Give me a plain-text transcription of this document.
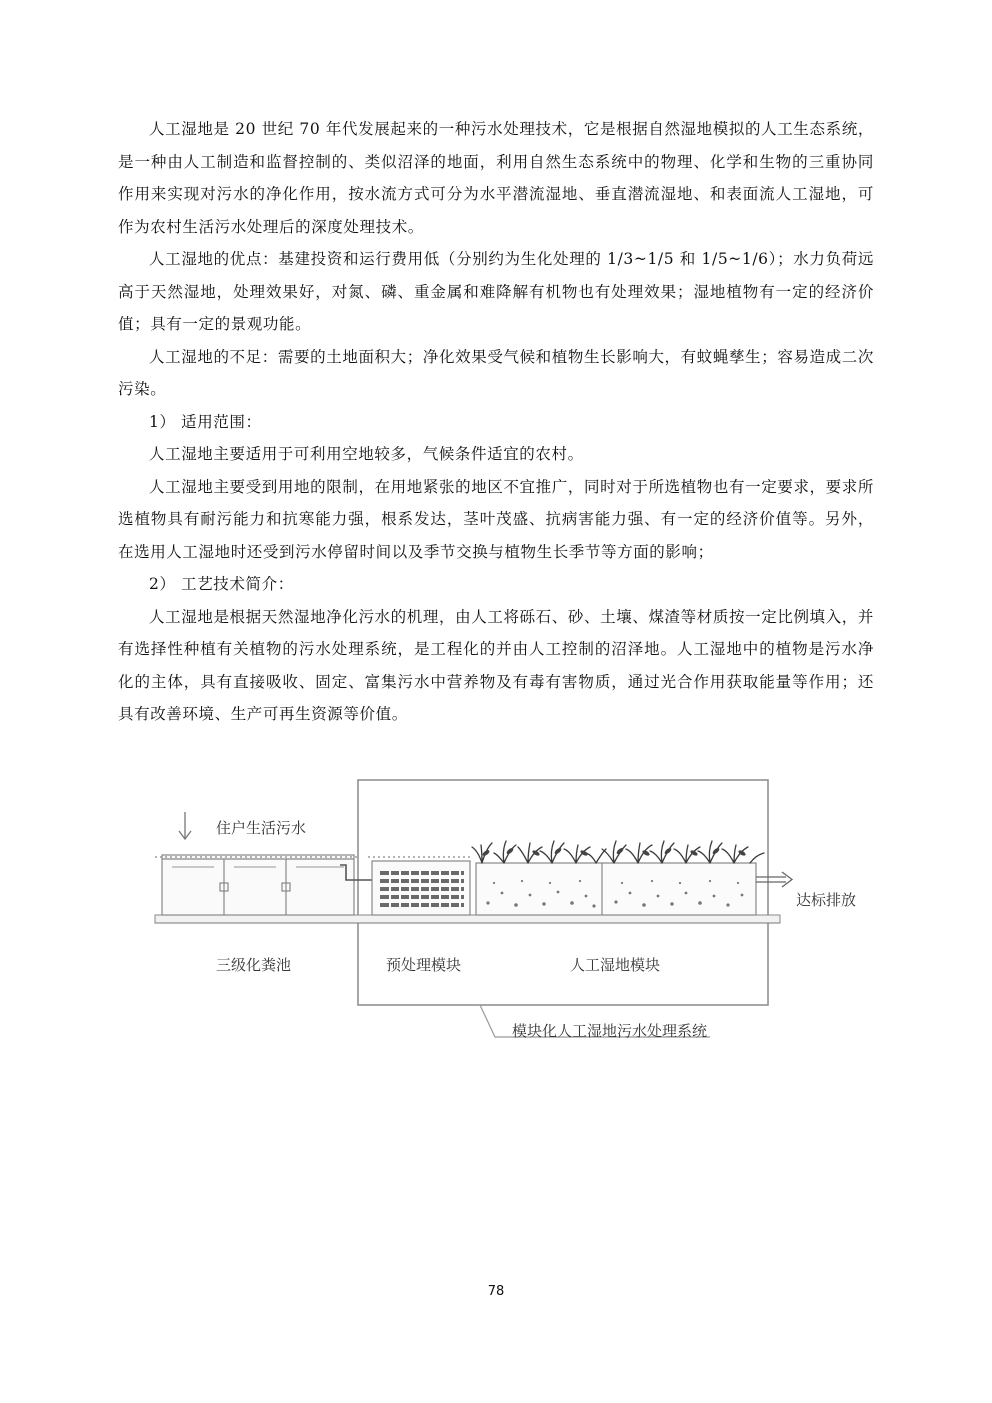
人工湿地是 20 世纪 70 年代发展起来的一种污水处理技术，它是根据自然湿地模拟的人工生态系统，是一种由人工制造和监督控制的、类似沼泽的地面，利用自然生态系统中的物理、化学和生物的三重协同作用来实现对污水的净化作用，按水流方式可分为水平潜流湿地、垂直潜流湿地、和表面流人工湿地，可作为农村生活污水处理后的深度处理技术。

人工湿地的优点：基建投资和运行费用低（分别约为生化处理的 1/3~1/5 和 1/5~1/6）；水力负荷远高于天然湿地，处理效果好，对氮、磷、重金属和难降解有机物也有处理效果；湿地植物有一定的经济价值；具有一定的景观功能。

人工湿地的不足：需要的土地面积大；净化效果受气候和植物生长影响大，有蚊蝇孳生；容易造成二次污染。

1） 适用范围：

人工湿地主要适用于可利用空地较多，气候条件适宜的农村。

人工湿地主要受到用地的限制，在用地紧张的地区不宜推广，同时对于所选植物也有一定要求，要求所选植物具有耐污能力和抗寒能力强，根系发达，茎叶茂盛、抗病害能力强、有一定的经济价值等。另外，在选用人工湿地时还受到污水停留时间以及季节交换与植物生长季节等方面的影响；

2） 工艺技术简介：

人工湿地是根据天然湿地净化污水的机理，由人工将砾石、砂、土壤、煤渣等材质按一定比例填入，并有选择性种植有关植物的污水处理系统，是工程化的并由人工控制的沼泽地。人工湿地中的植物是污水净化的主体，具有直接吸收、固定、富集污水中营养物及有毒有害物质，通过光合作用获取能量等作用；还具有改善环境、生产可再生资源等价值。

住户生活污水
达标排放
三级化粪池	预处理模块	人工湿地模块
模块化人工湿地污水处理系统
78
